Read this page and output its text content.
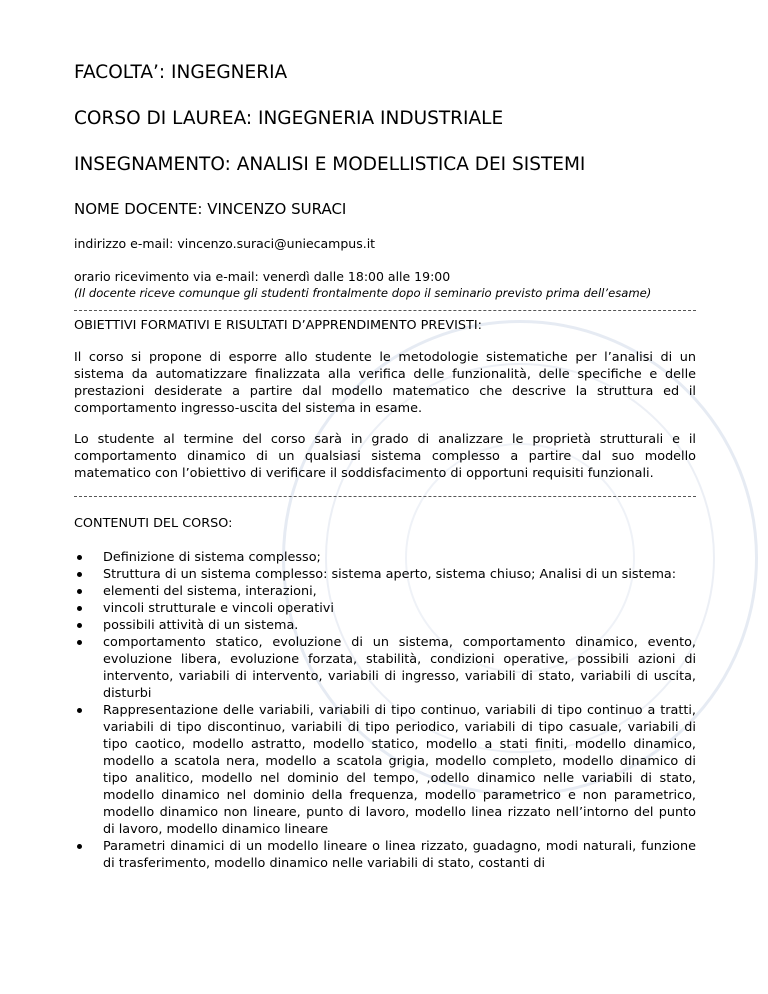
FACOLTA’: INGEGNERIA
CORSO DI LAUREA: INGEGNERIA INDUSTRIALE
INSEGNAMENTO: ANALISI E MODELLISTICA DEI SISTEMI
NOME DOCENTE: VINCENZO SURACI
indirizzo e-mail: vincenzo.suraci@uniecampus.it
orario ricevimento via e-mail: venerdì dalle 18:00 alle 19:00
(Il docente riceve comunque gli studenti frontalmente dopo il seminario previsto prima dell’esame)
OBIETTIVI FORMATIVI E RISULTATI D’APPRENDIMENTO PREVISTI:

Il corso si propone di esporre allo studente le metodologie sistematiche per l’analisi di un sistema da automatizzare finalizzata alla verifica delle funzionalità, delle specifiche e delle prestazioni desiderate a partire dal modello matematico che descrive la struttura ed il comportamento ingresso-uscita del sistema in esame.

Lo studente al termine del corso sarà in grado di analizzare le proprietà strutturali e il comportamento dinamico di un qualsiasi sistema complesso a partire dal suo modello matematico con l’obiettivo di verificare il soddisfacimento di opportuni requisiti funzionali.

CONTENUTI DEL CORSO:
Definizione di sistema complesso;
Struttura di un sistema complesso: sistema aperto, sistema chiuso; Analisi di un sistema:
elementi del sistema, interazioni,
vincoli strutturale e vincoli operativi
possibili attività di un sistema.
comportamento statico, evoluzione di un sistema, comportamento dinamico, evento, evoluzione libera, evoluzione forzata, stabilità, condizioni operative, possibili azioni di intervento, variabili di intervento, variabili di ingresso, variabili di stato, variabili di uscita, disturbi
Rappresentazione delle variabili, variabili di tipo continuo, variabili di tipo continuo a tratti, variabili di tipo discontinuo, variabili di tipo periodico, variabili di tipo casuale, variabili di tipo caotico, modello astratto, modello statico, modello a stati finiti, modello dinamico, modello a scatola nera, modello a scatola grigia, modello completo, modello dinamico di tipo analitico, modello nel dominio del tempo, ,odello dinamico nelle variabili di stato, modello dinamico nel dominio della frequenza, modello parametrico e non parametrico, modello dinamico non lineare, punto di lavoro, modello linea rizzato nell’intorno del punto di lavoro, modello dinamico lineare
Parametri dinamici di un modello lineare o linea rizzato, guadagno, modi naturali, funzione di trasferimento, modello dinamico nelle variabili di stato, costanti di
